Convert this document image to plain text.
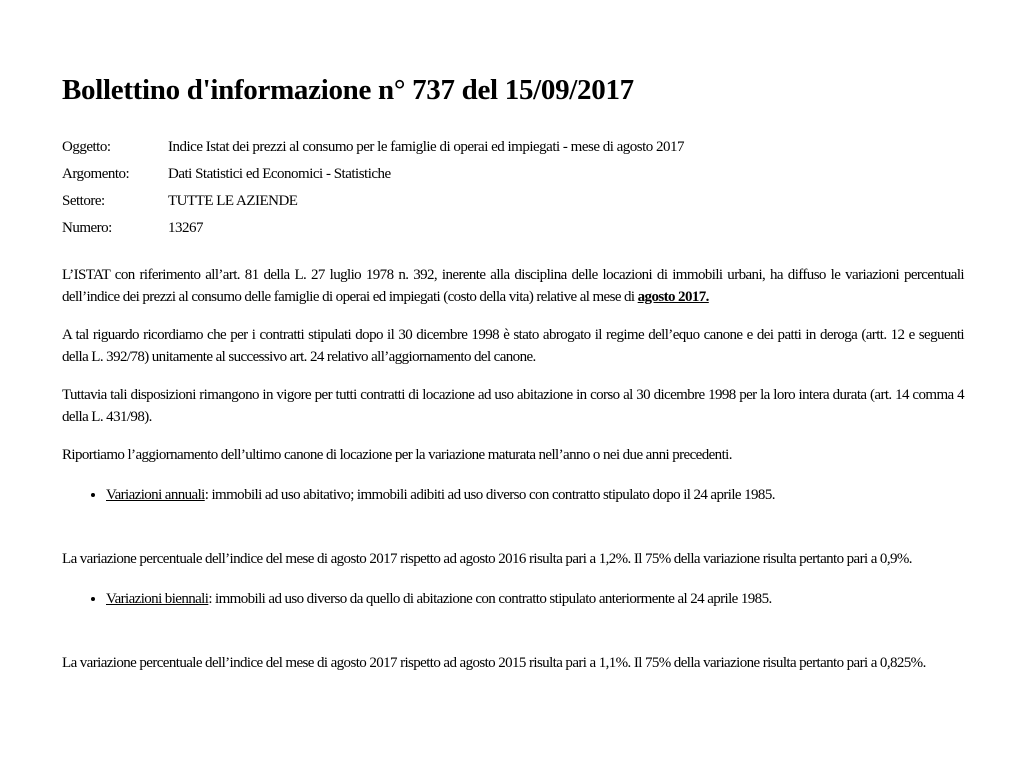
Bollettino d'informazione n° 737 del 15/09/2017
Oggetto:	Indice Istat dei prezzi al consumo per le famiglie di operai ed impiegati - mese di agosto 2017
Argomento:	Dati Statistici ed Economici - Statistiche
Settore:	TUTTE LE AZIENDE
Numero:	13267

L’ISTAT con riferimento all’art. 81 della L. 27 luglio 1978 n. 392, inerente alla disciplina delle locazioni di immobili urbani, ha diffuso le variazioni percentuali dell’indice dei prezzi al consumo delle famiglie di operai ed impiegati (costo della vita) relative al mese di agosto 2017.

A tal riguardo ricordiamo che per i contratti stipulati dopo il 30 dicembre 1998 è stato abrogato il regime dell’equo canone e dei patti in deroga (artt. 12 e seguenti della L. 392/78) unitamente al successivo art. 24 relativo all’aggiornamento del canone.

Tuttavia tali disposizioni rimangono in vigore per tutti contratti di locazione ad uso abitazione in corso al 30 dicembre 1998 per la loro intera durata (art. 14 comma 4 della L. 431/98).

Riportiamo l’aggiornamento dell’ultimo canone di locazione per la variazione maturata nell’anno o nei due anni precedenti.

• Variazioni annuali: immobili ad uso abitativo; immobili adibiti ad uso diverso con contratto stipulato dopo il 24 aprile 1985.

La variazione percentuale dell’indice del mese di agosto 2017 rispetto ad agosto 2016 risulta pari a 1,2%. Il 75% della variazione risulta pertanto pari a 0,9%.

• Variazioni biennali: immobili ad uso diverso da quello di abitazione con contratto stipulato anteriormente al 24 aprile 1985.

La variazione percentuale dell’indice del mese di agosto 2017 rispetto ad agosto 2015 risulta pari a 1,1%. Il 75% della variazione risulta pertanto pari a 0,825%.
